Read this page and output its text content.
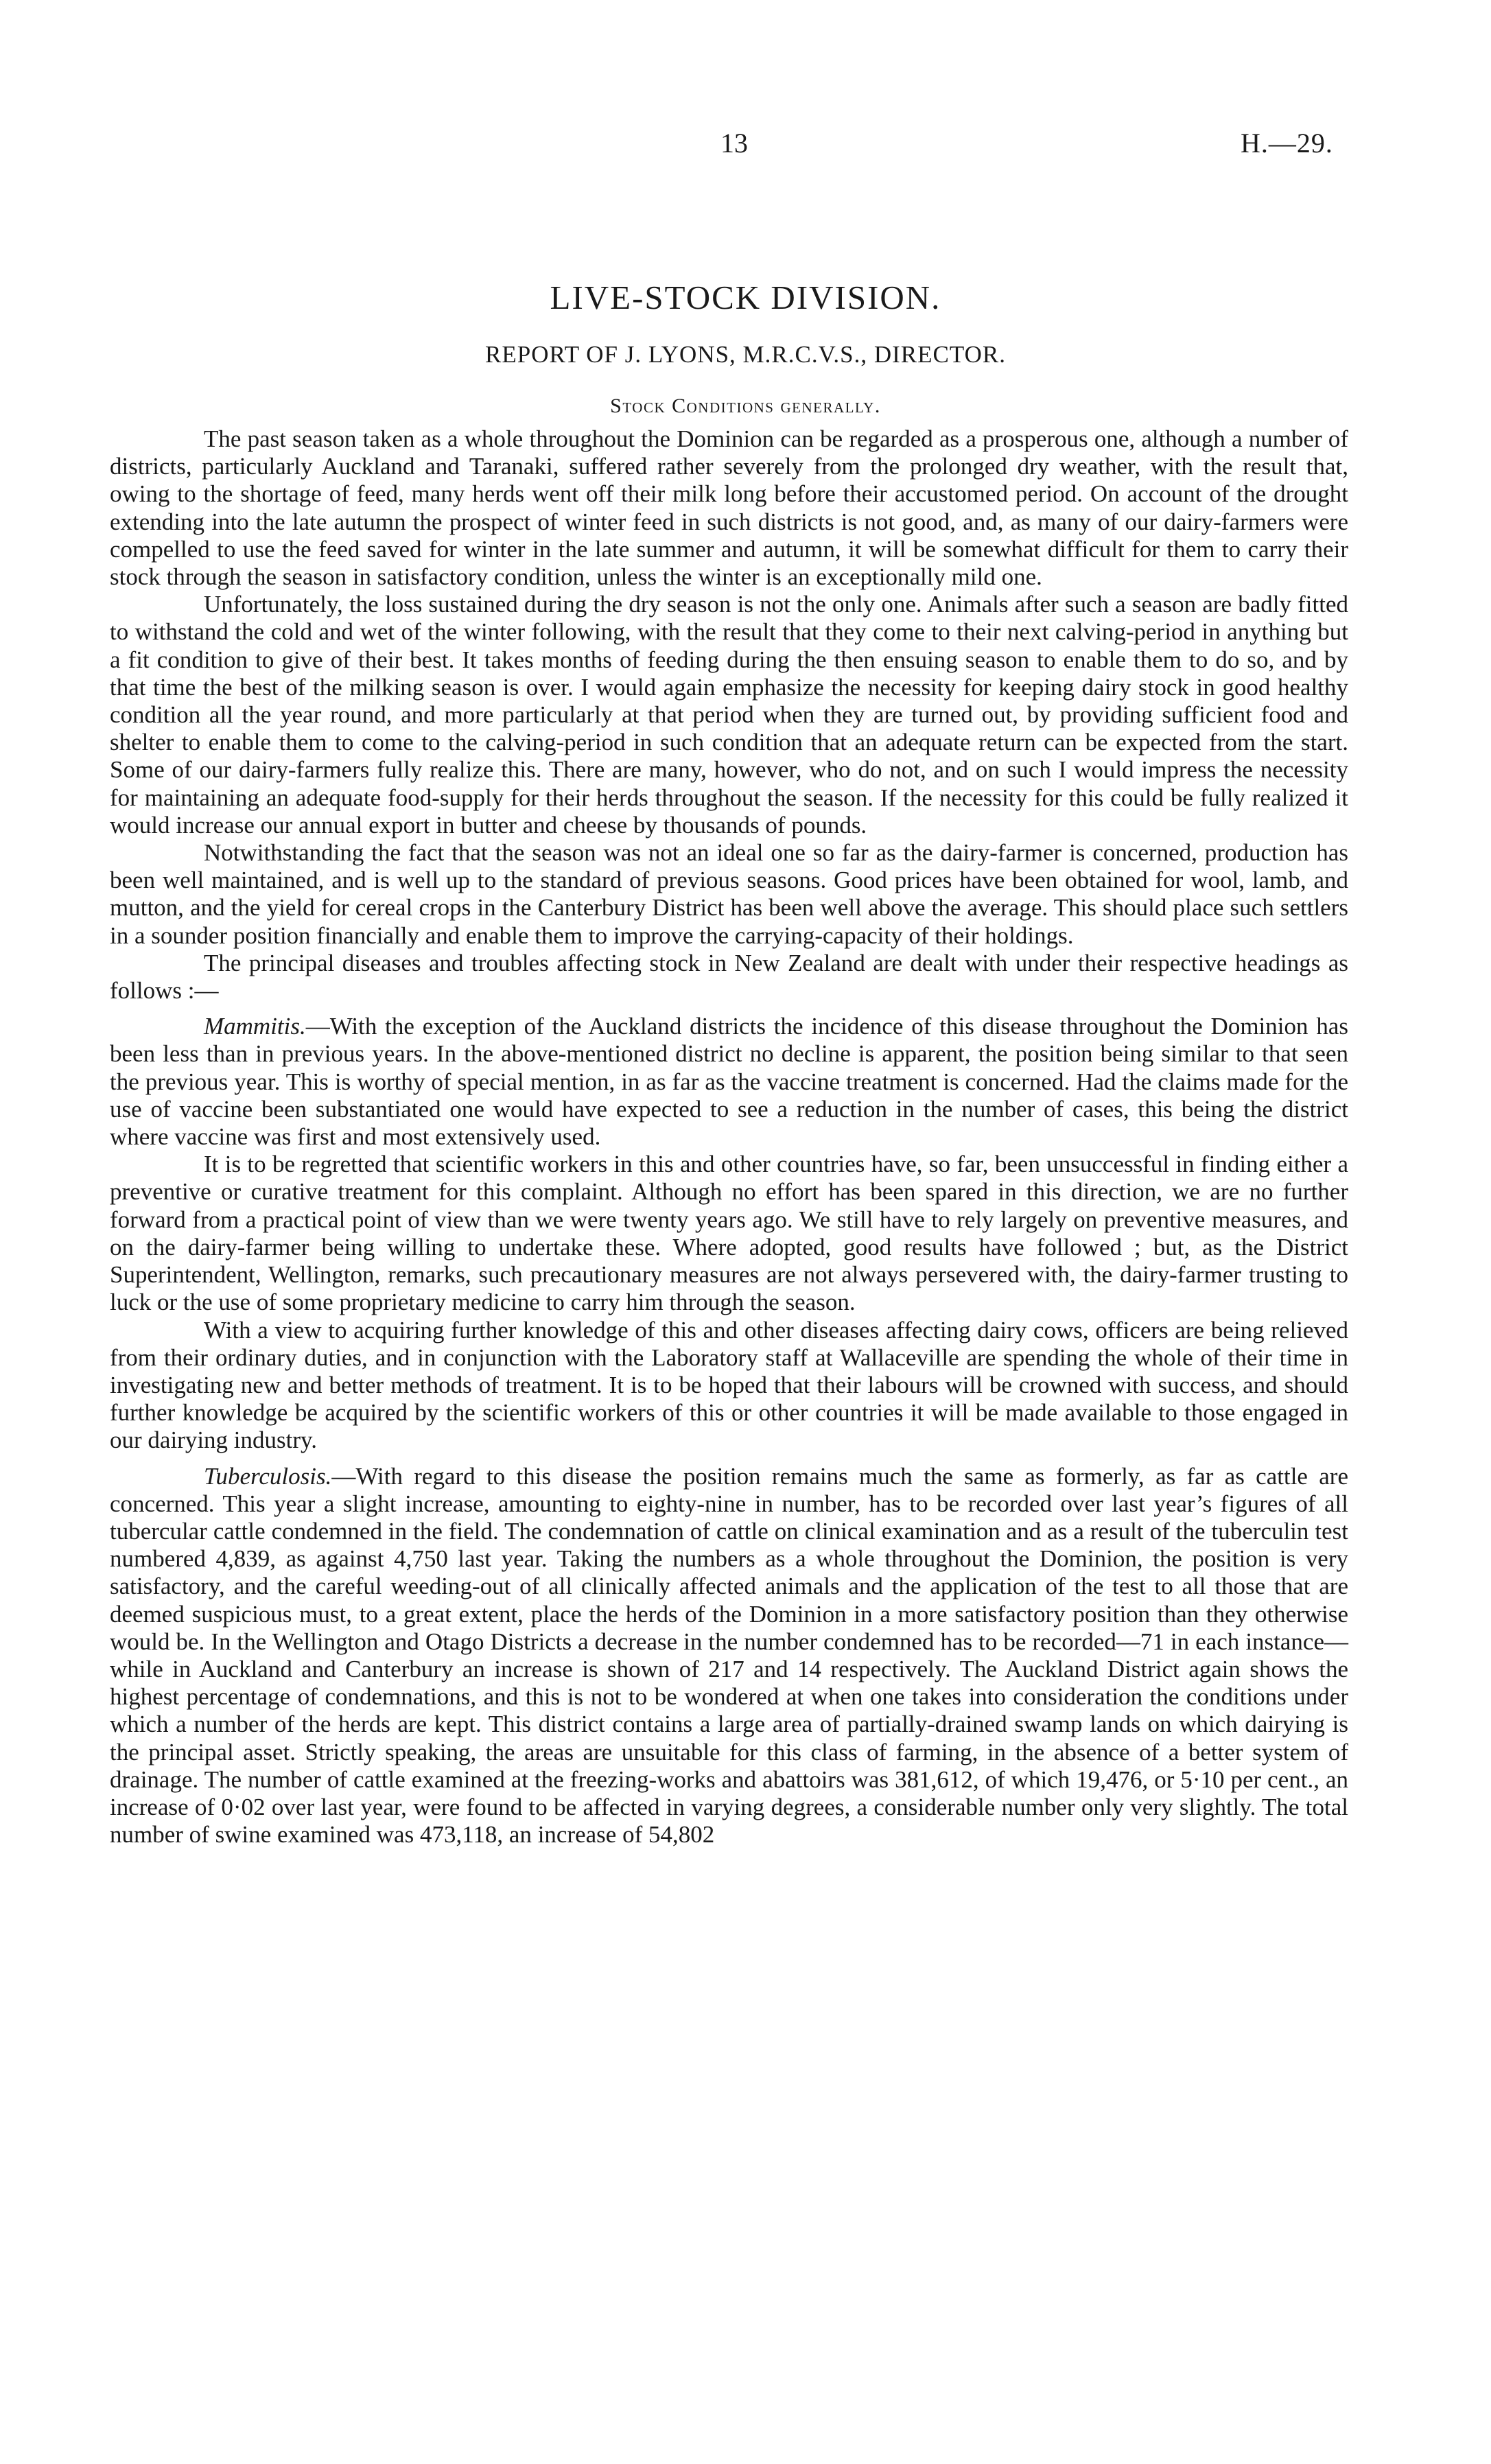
13	H.—29.
LIVE-STOCK DIVISION.
REPORT OF J. LYONS, M.R.C.V.S., DIRECTOR.
Stock Conditions generally.

The past season taken as a whole throughout the Dominion can be regarded as a prosperous one, although a number of districts, particularly Auckland and Taranaki, suffered rather severely from the prolonged dry weather, with the result that, owing to the shortage of feed, many herds went off their milk long before their accustomed period. On account of the drought extending into the late autumn the prospect of winter feed in such districts is not good, and, as many of our dairy-farmers were compelled to use the feed saved for winter in the late summer and autumn, it will be somewhat difficult for them to carry their stock through the season in satisfactory condition, unless the winter is an exceptionally mild one.

Unfortunately, the loss sustained during the dry season is not the only one. Animals after such a season are badly fitted to withstand the cold and wet of the winter following, with the result that they come to their next calving-period in anything but a fit condition to give of their best. It takes months of feeding during the then ensuing season to enable them to do so, and by that time the best of the milking season is over. I would again emphasize the necessity for keeping dairy stock in good healthy condition all the year round, and more particularly at that period when they are turned out, by providing sufficient food and shelter to enable them to come to the calving-period in such condition that an adequate return can be expected from the start. Some of our dairy-farmers fully realize this. There are many, however, who do not, and on such I would impress the necessity for maintaining an adequate food-supply for their herds throughout the season. If the necessity for this could be fully realized it would increase our annual export in butter and cheese by thousands of pounds.

Notwithstanding the fact that the season was not an ideal one so far as the dairy-farmer is concerned, production has been well maintained, and is well up to the standard of previous seasons. Good prices have been obtained for wool, lamb, and mutton, and the yield for cereal crops in the Canterbury District has been well above the average. This should place such settlers in a sounder position financially and enable them to improve the carrying-capacity of their holdings.

The principal diseases and troubles affecting stock in New Zealand are dealt with under their respective headings as follows :—

Mammitis.—With the exception of the Auckland districts the incidence of this disease throughout the Dominion has been less than in previous years. In the above-mentioned district no decline is apparent, the position being similar to that seen the previous year. This is worthy of special mention, in as far as the vaccine treatment is concerned. Had the claims made for the use of vaccine been substantiated one would have expected to see a reduction in the number of cases, this being the district where vaccine was first and most extensively used.

It is to be regretted that scientific workers in this and other countries have, so far, been unsuccessful in finding either a preventive or curative treatment for this complaint. Although no effort has been spared in this direction, we are no further forward from a practical point of view than we were twenty years ago. We still have to rely largely on preventive measures, and on the dairy-farmer being willing to undertake these. Where adopted, good results have followed ; but, as the District Superintendent, Wellington, remarks, such precautionary measures are not always persevered with, the dairy-farmer trusting to luck or the use of some proprietary medicine to carry him through the season.

With a view to acquiring further knowledge of this and other diseases affecting dairy cows, officers are being relieved from their ordinary duties, and in conjunction with the Laboratory staff at Wallaceville are spending the whole of their time in investigating new and better methods of treatment. It is to be hoped that their labours will be crowned with success, and should further knowledge be acquired by the scientific workers of this or other countries it will be made available to those engaged in our dairying industry.

Tuberculosis.—With regard to this disease the position remains much the same as formerly, as far as cattle are concerned. This year a slight increase, amounting to eighty-nine in number, has to be recorded over last year’s figures of all tubercular cattle condemned in the field. The condemnation of cattle on clinical examination and as a result of the tuberculin test numbered 4,839, as against 4,750 last year. Taking the numbers as a whole throughout the Dominion, the position is very satisfactory, and the careful weeding-out of all clinically affected animals and the application of the test to all those that are deemed suspicious must, to a great extent, place the herds of the Dominion in a more satisfactory position than they otherwise would be. In the Wellington and Otago Districts a decrease in the number condemned has to be recorded—71 in each instance—while in Auckland and Canterbury an increase is shown of 217 and 14 respectively. The Auckland District again shows the highest percentage of condemnations, and this is not to be wondered at when one takes into consideration the conditions under which a number of the herds are kept. This district contains a large area of partially-drained swamp lands on which dairying is the principal asset. Strictly speaking, the areas are unsuitable for this class of farming, in the absence of a better system of drainage. The number of cattle examined at the freezing-works and abattoirs was 381,612, of which 19,476, or 5·10 per cent., an increase of 0·02 over last year, were found to be affected in varying degrees, a considerable number only very slightly. The total number of swine examined was 473,118, an increase of 54,802
